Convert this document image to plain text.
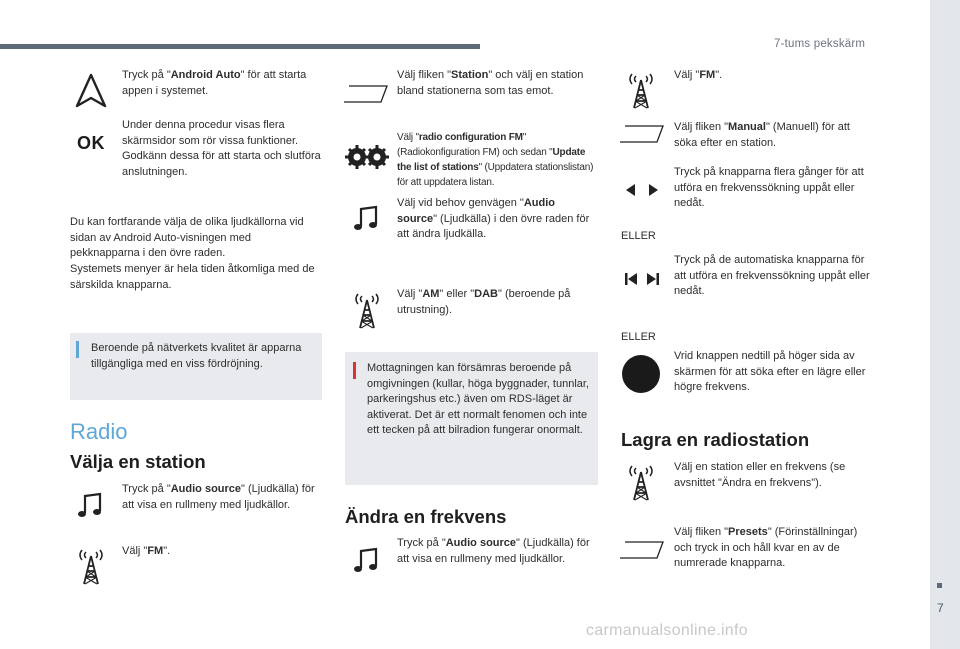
7-tums pekskärm
7
carmanualsonline.info
Tryck på "Android Auto" för att starta appen i systemet.
OK
Under denna procedur visas flera skärmsidor som rör vissa funktioner. Godkänn dessa för att starta och slutföra anslutningen.
Du kan fortfarande välja de olika ljudkällorna vid sidan av Android Auto-visningen med pekknapparna i den övre raden.
Systemets menyer är hela tiden åtkomliga med de särskilda knapparna.
Beroende på nätverkets kvalitet är apparna tillgängliga med en viss fördröjning.
Radio
Välja en station
Tryck på "Audio source" (Ljudkälla) för att visa en rullmeny med ljudkällor.
Välj "FM".
Välj fliken "Station" och välj en station bland stationerna som tas emot.
Välj "radio configuration FM" (Radiokonfiguration FM) och sedan "Update the list of stations" (Uppdatera stationslistan) för att uppdatera listan.
Välj vid behov genvägen "Audio source" (Ljudkälla) i den övre raden för att ändra ljudkälla.
Välj "AM" eller "DAB" (beroende på utrustning).
Mottagningen kan försämras beroende på omgivningen (kullar, höga byggnader, tunnlar, parkeringshus etc.) även om RDS-läget är aktiverat. Det är ett normalt fenomen och inte ett tecken på att bilradion fungerar onormalt.
Ändra en frekvens
Tryck på "Audio source" (Ljudkälla) för att visa en rullmeny med ljudkällor.
Välj "FM".
Välj fliken "Manual" (Manuell) för att söka efter en station.
Tryck på knapparna flera gånger för att utföra en frekvenssökning uppåt eller nedåt.
ELLER
Tryck på de automatiska knapparna för att utföra en frekvenssökning uppåt eller nedåt.
ELLER
Vrid knappen nedtill på höger sida av skärmen för att söka efter en lägre eller högre frekvens.
Lagra en radiostation
Välj en station eller en frekvens (se avsnittet "Ändra en frekvens").
Välj fliken "Presets" (Förinställningar) och tryck in och håll kvar en av de numrerade knapparna.
